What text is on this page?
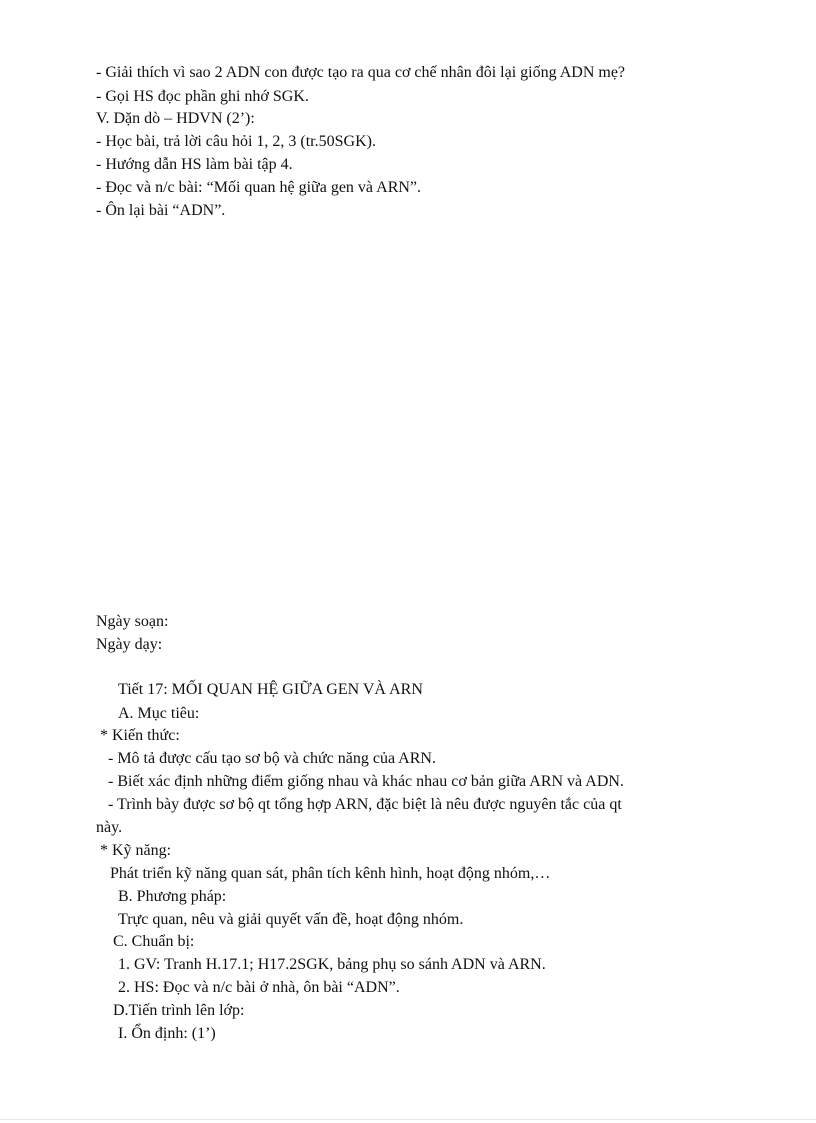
- Giải thích vì sao 2 ADN con được tạo ra qua cơ chế nhân đôi lại giống ADN mẹ?

- Gọi HS đọc phần ghi nhớ SGK.

V. Dặn dò – HDVN (2’):

- Học bài, trả lời câu hỏi 1, 2, 3 (tr.50SGK).

- Hướng dẫn HS làm bài tập 4.

- Đọc và n/c bài: “Mối quan hệ giữa gen và ARN”.

- Ôn lại bài “ADN”.

Ngày soạn:

Ngày dạy:

Tiết 17: MỐI QUAN HỆ GIỮA GEN VÀ ARN

A. Mục tiêu:

* Kiến thức:

- Mô tả được cấu tạo sơ bộ và chức năng của ARN.

- Biết xác định những điểm giống nhau và khác nhau cơ bản giữa ARN và ADN.

- Trình bày được sơ bộ qt tổng hợp ARN, đặc biệt là nêu được nguyên tắc của qt

này.

* Kỹ năng:

Phát triển kỹ năng quan sát, phân tích kênh hình, hoạt động nhóm,…

B. Phương pháp:

Trực quan, nêu và giải quyết vấn đề, hoạt động nhóm.

C. Chuẩn bị:

1. GV: Tranh H.17.1; H17.2SGK, bảng phụ so sánh ADN và ARN.

2. HS: Đọc và n/c bài ở nhà, ôn bài “ADN”.

D.Tiến trình lên lớp:

I. Ổn định: (1’)
